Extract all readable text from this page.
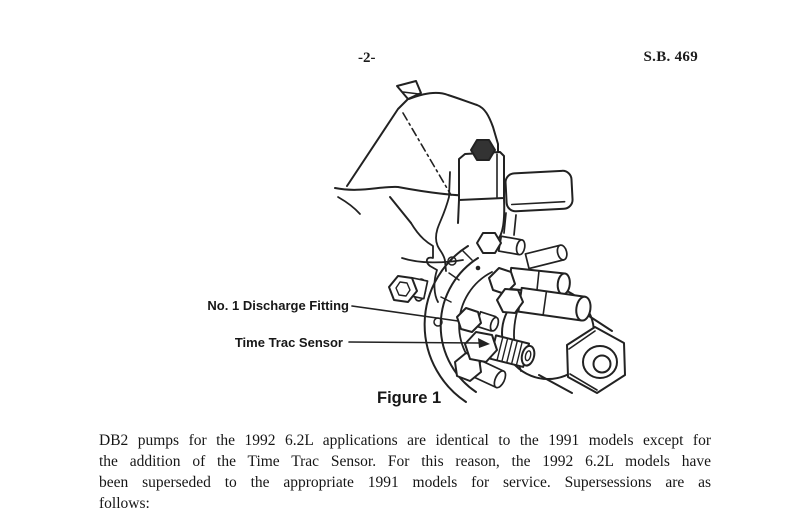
-2-	S.B. 469
No. 1 Discharge Fitting
Time Trac Sensor
Figure 1
DB2 pumps for the 1992 6.2L applications are identical to the 1991 models except for
the addition of the Time Trac Sensor. For this reason, the 1992 6.2L models have
been superseded to the appropriate 1991 models for service. Supersessions are as
follows:
